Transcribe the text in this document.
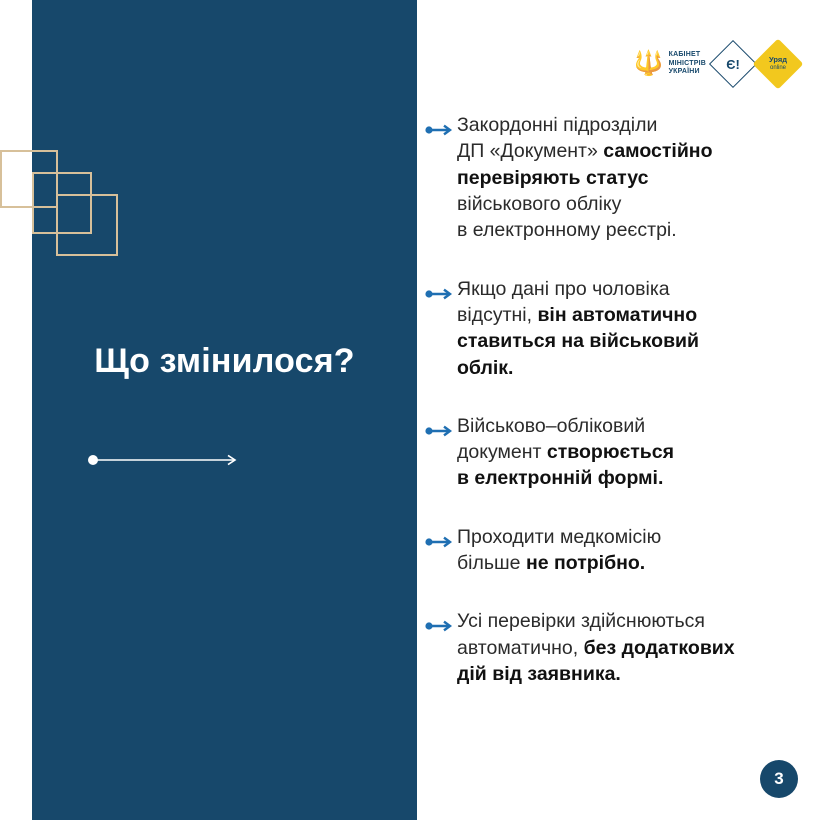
Що змінилося?
🔱 КАБІНЕТ
МІНІСТРІВ
УКРАЇНИ
Є!	Уряд
online
Закордонні підрозділи
ДП «Документ» самостійно
перевіряють статус
військового обліку
в електронному реєстрі.
Якщо дані про чоловіка
відсутні, він автоматично
ставиться на військовий
облік.
Військово–обліковий
документ створюється
в електронній формі.
Проходити медкомісію
більше не потрібно.
Усі перевірки здійснюються
автоматично, без додаткових
дій від заявника.
3
